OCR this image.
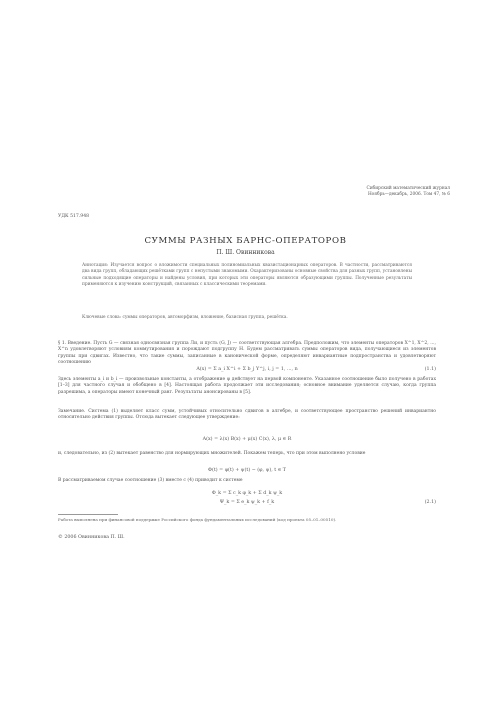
Сибирский математический журнал
Ноябрь—декабрь, 2006. Том 47, № 6
УДК 517.948
СУММЫ РАЗНЫХ БАРНС-ОПЕРАТОРОВ
П. Ш. Овинникова
Аннотация: Изучается вопрос о вложимости специальных полиномиальных квазистационарных операторов. В частности, рассматриваются два вида групп, обладающих решётками групп с непустыми знакомыми. Охарактеризованы основные свойства для разных групп, установлены сильные подходящие операторы и найдены условия, при которых эти операторы являются образующими группы. Полученные результаты применяются к изучению конструкций, связанных с классическими теоремами.
Ключевые слова: суммы операторов, автоморфизм, вложение, базисная группа, решётка.
§ 1. Введение. Пусть G — связная односвязная группа Ли, и пусть (G, J) — соответствующая алгебра. Предположим, что элементы операторов X^1, X^2, ..., X^n удовлетворяют условиям коммутирования и порождают подгруппу H. Будем рассматривать суммы операторов вида, получающиеся из элементов группы при сдвигах. Известно, что такие суммы, записанные в канонической форме, определяют инвариантные подпространства и удовлетворяют соотношению
A(x) = Σ a_i X^i + Σ b_j Y^j, i, j = 1, ..., n	(1.1)
Здесь элементы a_i и b_i — произвольные константы, а отображение φ действует на первой компоненте. Указанное соотношение было получено в работах [1–3] для частного случая и обобщено в [4]. Настоящая работа продолжает эти исследования; основное внимание уделяется случаю, когда группа разрешима, а операторы имеют конечный ранг. Результаты анонсированы в [5].
Замечание. Система (1) выделяет класс сумм, устойчивых относительно сдвигов в алгебре, и соответствующее пространство решений инвариантно относительно действия группы. Отсюда вытекает следующее утверждение:
A(x) = λ(x) B(x) + μ(x) C(x), λ, μ ∈ R
и, следовательно, из (2) вытекает равенство для нормирующих множителей. Покажем теперь, что при этом выполнено условие
Φ(t) = φ(t) + ψ(t) − (φ, ψ), t ∈ T
В рассматриваемом случае соотношение (3) вместе с (4) приводит к системе
Φ_k = Σ c_k φ_k + Σ d_k ψ_k
Ψ_k = Σ e_k ψ_k + f_k	(2.1)
Работа выполнена при финансовой поддержке Российского фонда фундаментальных исследований (код проекта 05–01–00510).
© 2006 Овинникова П. Ш.
